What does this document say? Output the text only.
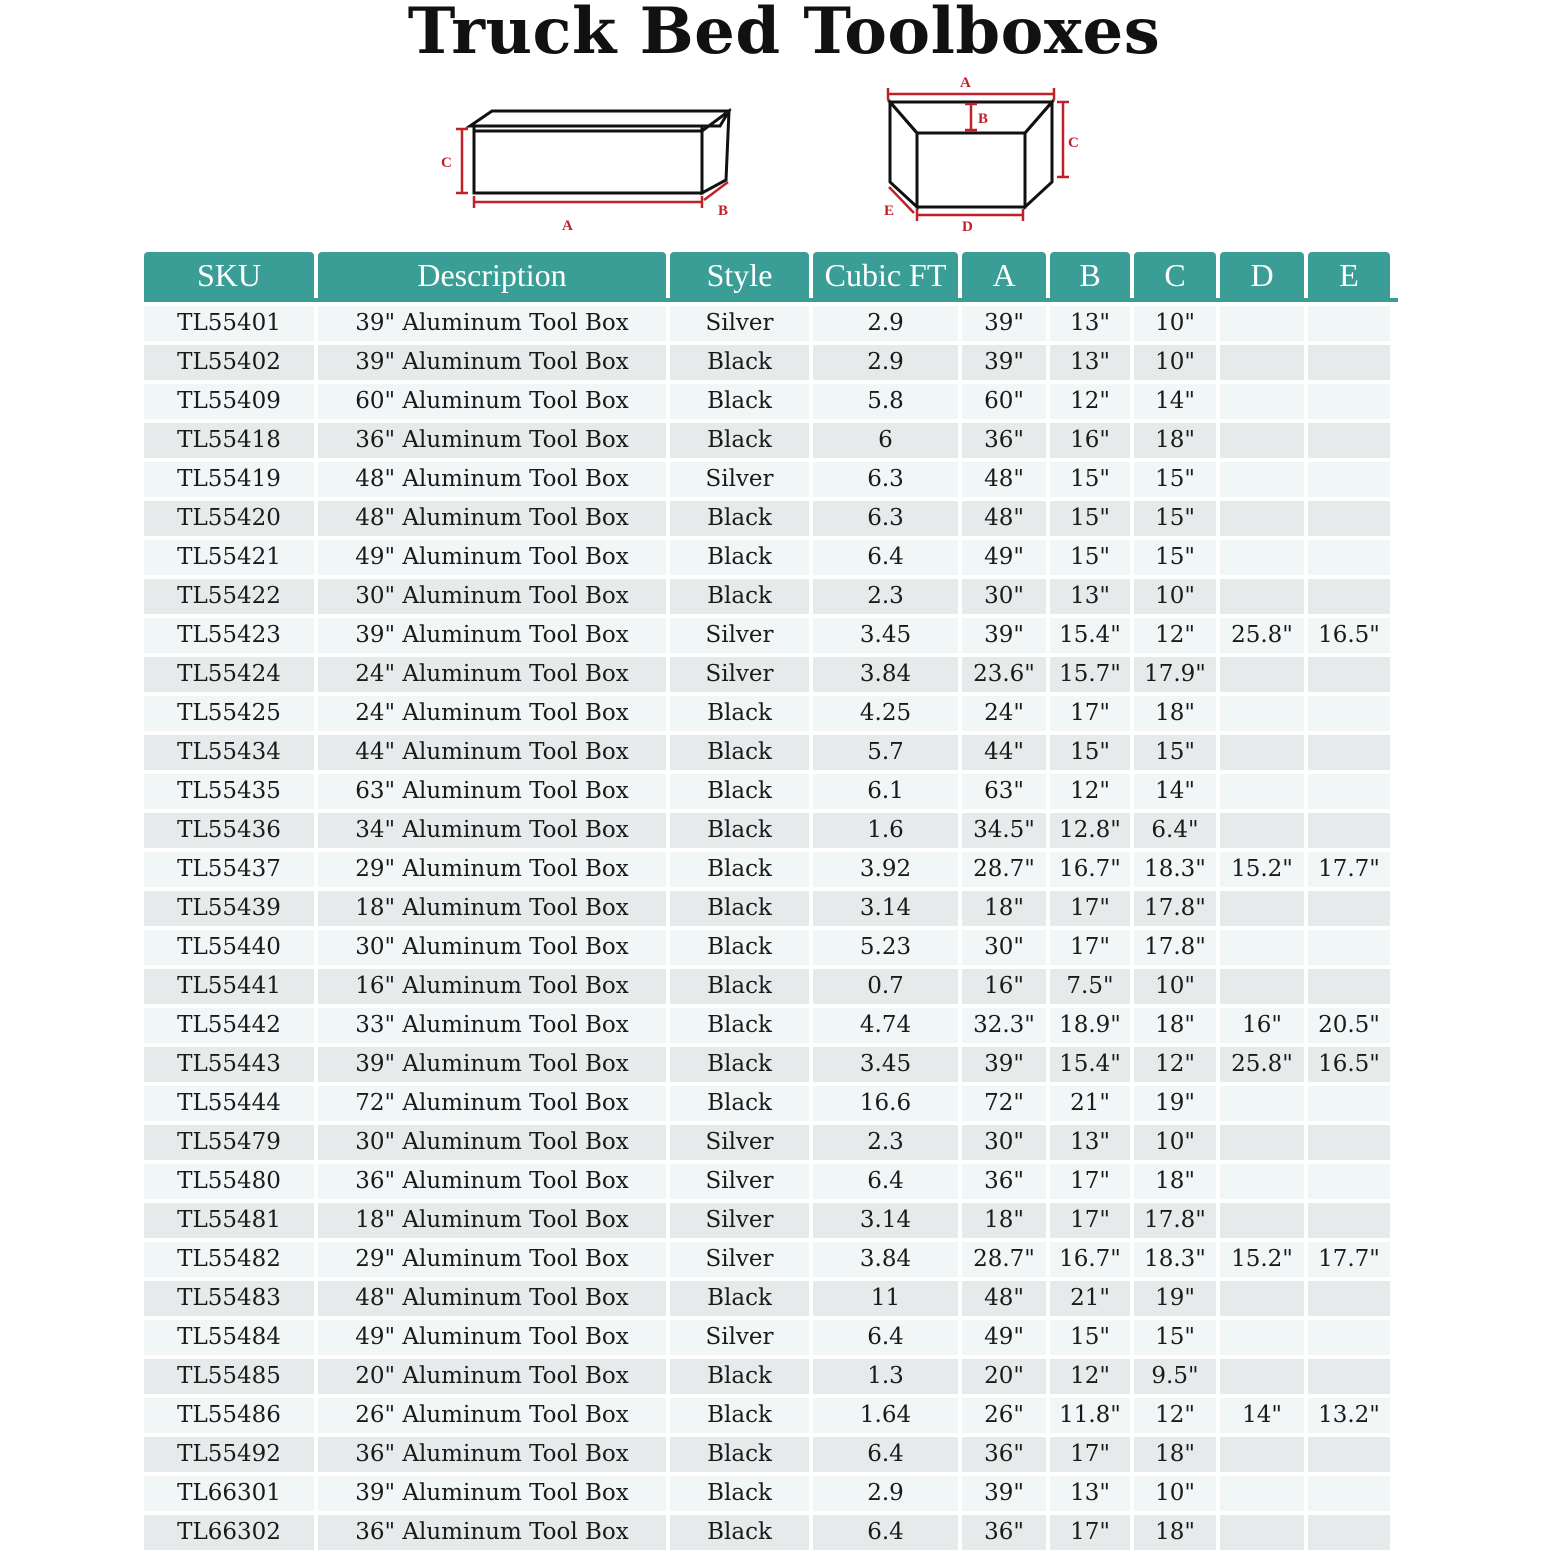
Truck Bed Toolboxes
C
A
B
A
B
C
D
E
SKU	Description	Style	Cubic FT	A	B	C	D	E
TL55401	39" Aluminum Tool Box	Silver	2.9	39"	13"	10"
TL55402	39" Aluminum Tool Box	Black	2.9	39"	13"	10"
TL55409	60" Aluminum Tool Box	Black	5.8	60"	12"	14"
TL55418	36" Aluminum Tool Box	Black	6	36"	16"	18"
TL55419	48" Aluminum Tool Box	Silver	6.3	48"	15"	15"
TL55420	48" Aluminum Tool Box	Black	6.3	48"	15"	15"
TL55421	49" Aluminum Tool Box	Black	6.4	49"	15"	15"
TL55422	30" Aluminum Tool Box	Black	2.3	30"	13"	10"
TL55423	39" Aluminum Tool Box	Silver	3.45	39"	15.4"	12"	25.8"	16.5"
TL55424	24" Aluminum Tool Box	Silver	3.84	23.6"	15.7"	17.9"
TL55425	24" Aluminum Tool Box	Black	4.25	24"	17"	18"
TL55434	44" Aluminum Tool Box	Black	5.7	44"	15"	15"
TL55435	63" Aluminum Tool Box	Black	6.1	63"	12"	14"
TL55436	34" Aluminum Tool Box	Black	1.6	34.5"	12.8"	6.4"
TL55437	29" Aluminum Tool Box	Black	3.92	28.7"	16.7"	18.3"	15.2"	17.7"
TL55439	18" Aluminum Tool Box	Black	3.14	18"	17"	17.8"
TL55440	30" Aluminum Tool Box	Black	5.23	30"	17"	17.8"
TL55441	16" Aluminum Tool Box	Black	0.7	16"	7.5"	10"
TL55442	33" Aluminum Tool Box	Black	4.74	32.3"	18.9"	18"	16"	20.5"
TL55443	39" Aluminum Tool Box	Black	3.45	39"	15.4"	12"	25.8"	16.5"
TL55444	72" Aluminum Tool Box	Black	16.6	72"	21"	19"
TL55479	30" Aluminum Tool Box	Silver	2.3	30"	13"	10"
TL55480	36" Aluminum Tool Box	Silver	6.4	36"	17"	18"
TL55481	18" Aluminum Tool Box	Silver	3.14	18"	17"	17.8"
TL55482	29" Aluminum Tool Box	Silver	3.84	28.7"	16.7"	18.3"	15.2"	17.7"
TL55483	48" Aluminum Tool Box	Black	11	48"	21"	19"
TL55484	49" Aluminum Tool Box	Silver	6.4	49"	15"	15"
TL55485	20" Aluminum Tool Box	Black	1.3	20"	12"	9.5"
TL55486	26" Aluminum Tool Box	Black	1.64	26"	11.8"	12"	14"	13.2"
TL55492	36" Aluminum Tool Box	Black	6.4	36"	17"	18"
TL66301	39" Aluminum Tool Box	Black	2.9	39"	13"	10"
TL66302	36" Aluminum Tool Box	Black	6.4	36"	17"	18"
